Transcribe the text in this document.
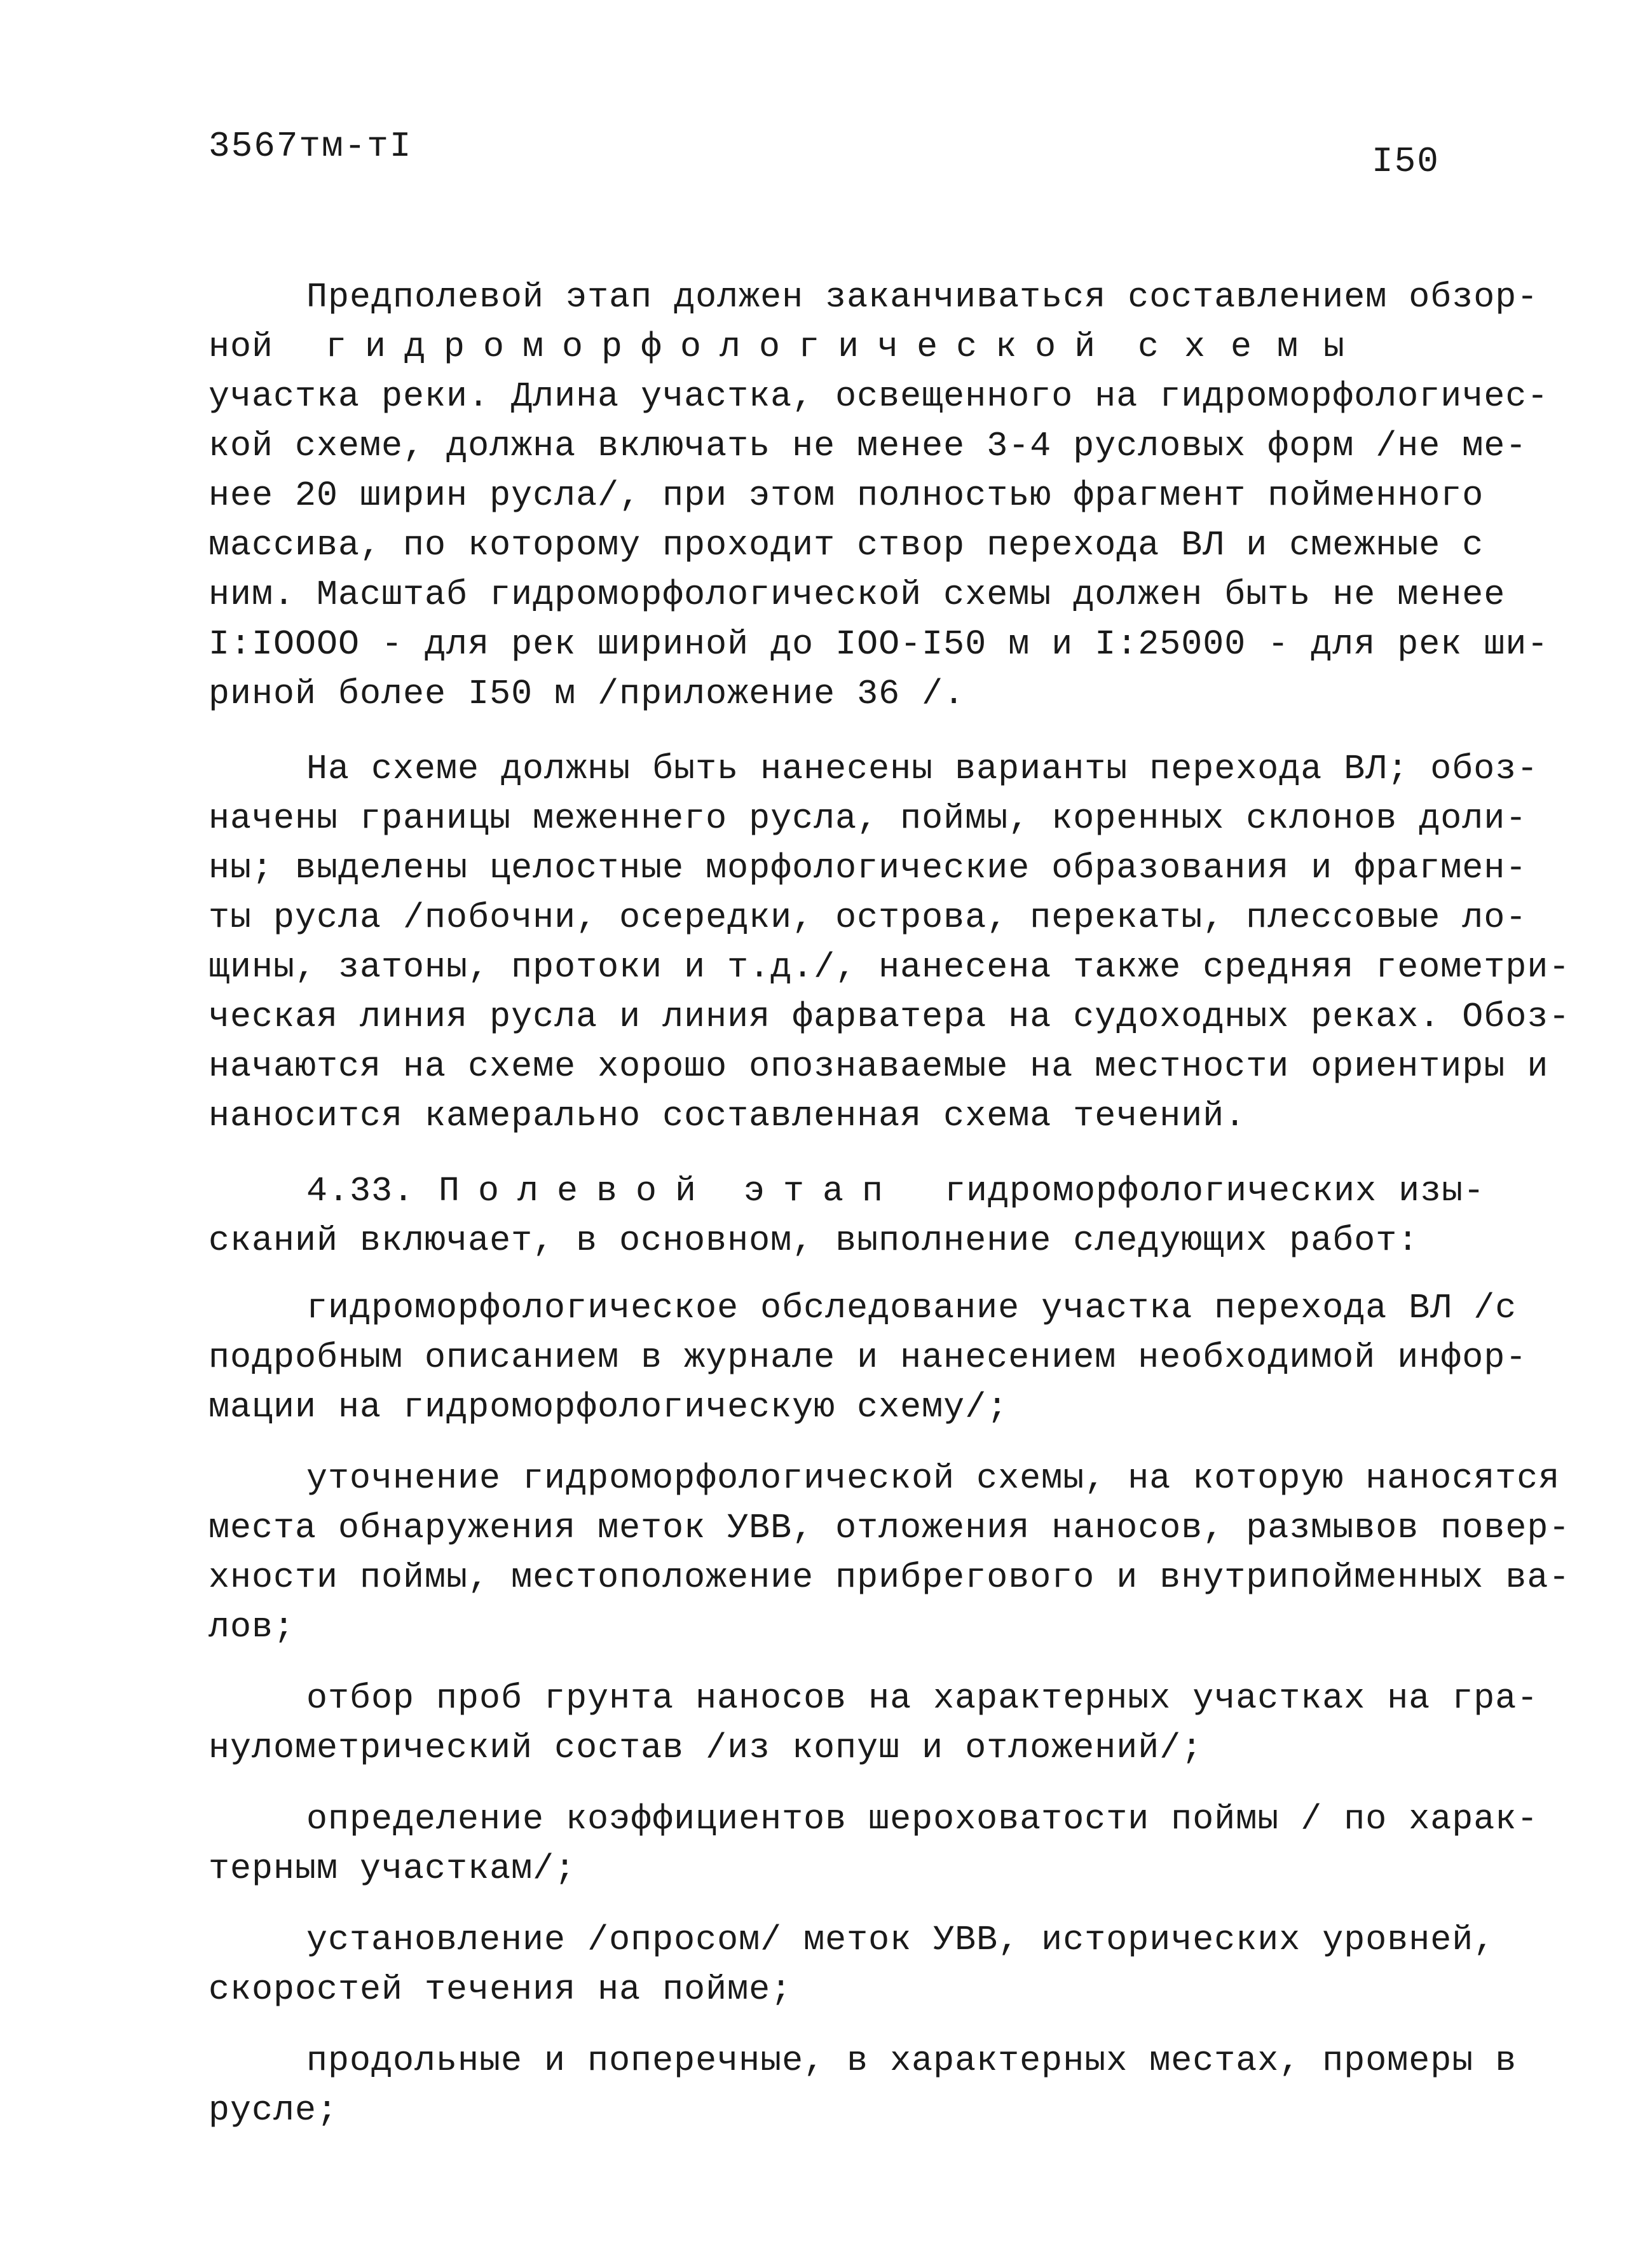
3567тм-тI	I50
Предполевой этап должен заканчиваться составлением обзор-
ной гидроморфологической схемы
участка реки. Длина участка, освещенного на гидроморфологичес-
кой схеме, должна включать не менее 3-4 русловых форм /не ме-
нее 20 ширин русла/, при этом полностью фрагмент пойменного
массива, по которому проходит створ перехода ВЛ и смежные с
ним. Масштаб гидроморфологической схемы должен быть не менее
I:IOOOO - для рек шириной до IOO-I50 м и I:25000 - для рек ши-
риной более I50 м /приложение 36 /.
На схеме должны быть нанесены варианты перехода ВЛ; обоз-
начены границы меженнего русла, поймы, коренных склонов доли-
ны; выделены целостные морфологические образования и фрагмен-
ты русла /побочни, осередки, острова, перекаты, плессовые ло-
щины, затоны, протоки и т.д./, нанесена также средняя геометри-
ческая линия русла и линия фарватера на судоходных реках. Обоз-
начаются на схеме хорошо опознаваемые на местности ориентиры и
наносится камерально составленная схема течений.
4.33. Полевой этап гидроморфологических изы-
сканий включает, в основном, выполнение следующих работ:
гидроморфологическое обследование участка перехода ВЛ /с
подробным описанием в журнале и нанесением необходимой инфор-
мации на гидроморфологическую схему/;
уточнение гидроморфологической схемы, на которую наносятся
места обнаружения меток УВВ, отложения наносов, размывов повер-
хности поймы, местоположение прибрегового и внутрипойменных ва-
лов;
отбор проб грунта наносов на характерных участках на гра-
нулометрический состав /из копуш и отложений/;
определение коэффициентов шероховатости поймы / по харак-
терным участкам/;
установление /опросом/ меток УВВ, исторических уровней,
скоростей течения на пойме;
продольные и поперечные, в характерных местах, промеры в
русле;
